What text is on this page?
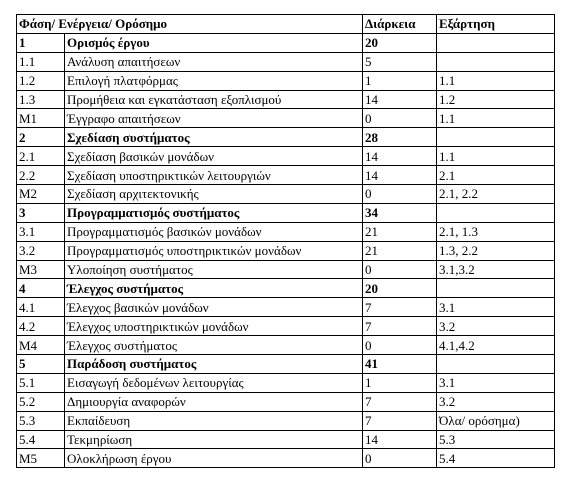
Φάση/ Ενέργεια/ Ορόσημο		Διάρκεια	Εξάρτηση
1	Ορισμός έργου	20	
1.1	Ανάλυση απαιτήσεων	5	
1.2	Επιλογή πλατφόρμας	1	1.1
1.3	Προμήθεια και εγκατάσταση εξοπλισμού	14	1.2
M1	Έγγραφο απαιτήσεων	0	1.1
2	Σχεδίαση συστήματος	28	
2.1	Σχεδίαση βασικών μονάδων	14	1.1
2.2	Σχεδίαση υποστηρικτικών λειτουργιών	14	2.1
M2	Σχεδίαση αρχιτεκτονικής	0	2.1, 2.2
3	Προγραμματισμός συστήματος	34	
3.1	Προγραμματισμός βασικών μονάδων	21	2.1, 1.3
3.2	Προγραμματισμός υποστηρικτικών μονάδων	21	1.3, 2.2
M3	Υλοποίηση συστήματος	0	3.1,3.2
4	Έλεγχος συστήματος	20	
4.1	Έλεγχος βασικών μονάδων	7	3.1
4.2	Έλεγχος υποστηρικτικών μονάδων	7	3.2
M4	Έλεγχος συστήματος	0	4.1,4.2
5	Παράδοση συστήματος	41	
5.1	Εισαγωγή δεδομένων λειτουργίας	1	3.1
5.2	Δημιουργία αναφορών	7	3.2
5.3	Εκπαίδευση	7	Όλα/ ορόσημα)
5.4	Τεκμηρίωση	14	5.3
M5	Ολοκλήρωση έργου	0	5.4
